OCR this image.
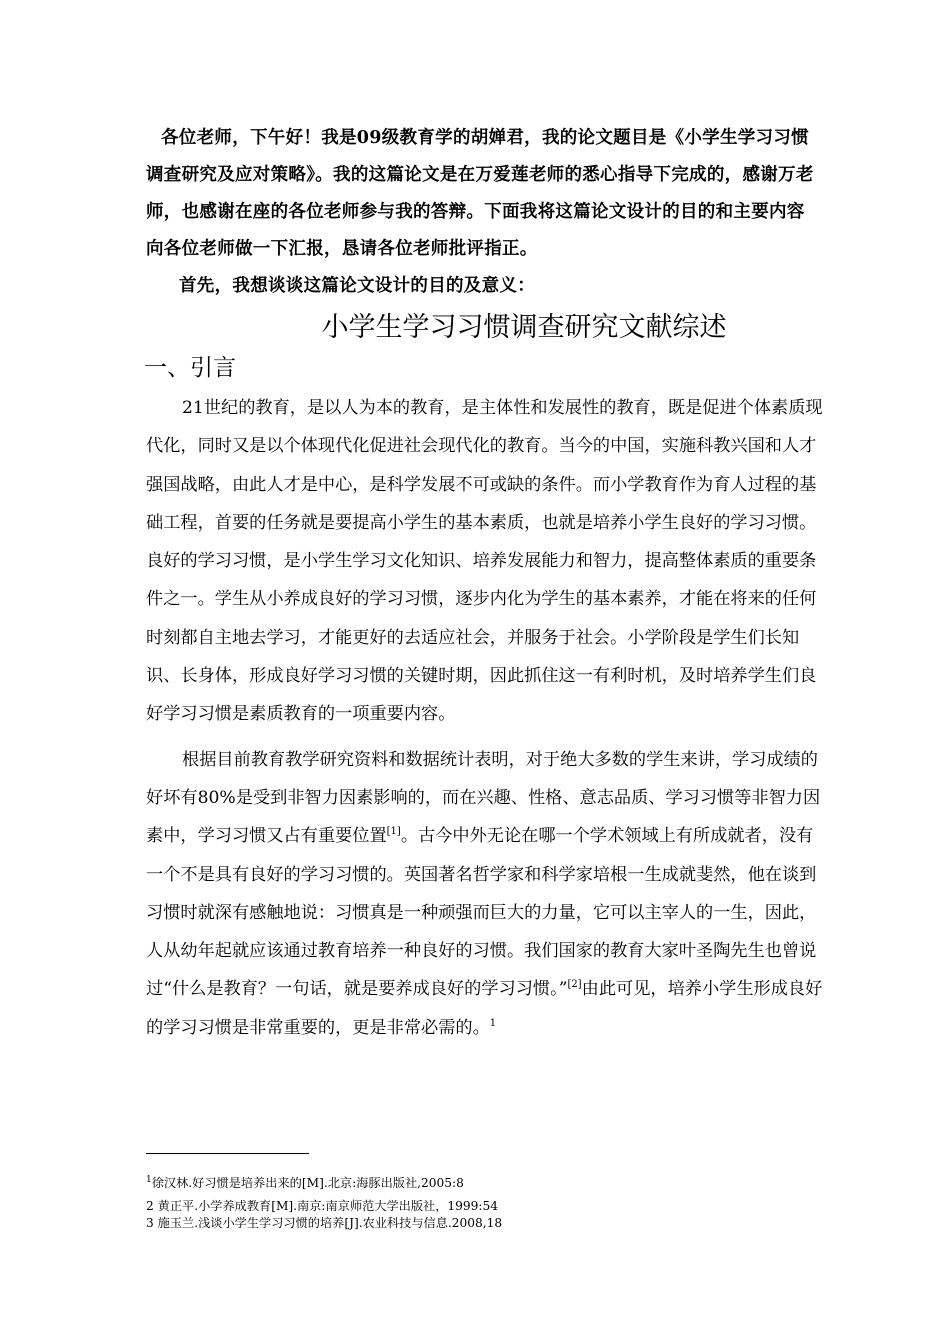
各位老师，下午好！我是09级教育学的胡婵君，我的论文题目是《小学生学习习惯调查研究及应对策略》。我的这篇论文是在万爱莲老师的悉心指导下完成的，感谢万老师，也感谢在座的各位老师参与我的答辩。下面我将这篇论文设计的目的和主要内容向各位老师做一下汇报，恳请各位老师批评指正。

首先，我想谈谈这篇论文设计的目的及意义：

小学生学习习惯调查研究文献综述
一、引言

21世纪的教育，是以人为本的教育，是主体性和发展性的教育，既是促进个体素质现代化，同时又是以个体现代化促进社会现代化的教育。当今的中国，实施科教兴国和人才强国战略，由此人才是中心，是科学发展不可或缺的条件。而小学教育作为育人过程的基础工程，首要的任务就是要提高小学生的基本素质，也就是培养小学生良好的学习习惯。良好的学习习惯，是小学生学习文化知识、培养发展能力和智力，提高整体素质的重要条件之一。学生从小养成良好的学习习惯，逐步内化为学生的基本素养，才能在将来的任何时刻都自主地去学习，才能更好的去适应社会，并服务于社会。小学阶段是学生们长知识、长身体，形成良好学习习惯的关键时期，因此抓住这一有利时机，及时培养学生们良好学习习惯是素质教育的一项重要内容。

根据目前教育教学研究资料和数据统计表明，对于绝大多数的学生来讲，学习成绩的好坏有80%是受到非智力因素影响的，而在兴趣、性格、意志品质、学习习惯等非智力因素中，学习习惯又占有重要位置[1]。古今中外无论在哪一个学术领域上有所成就者，没有一个不是具有良好的学习习惯的。英国著名哲学家和科学家培根一生成就斐然，他在谈到习惯时就深有感触地说：习惯真是一种顽强而巨大的力量，它可以主宰人的一生，因此，人从幼年起就应该通过教育培养一种良好的习惯。我们国家的教育大家叶圣陶先生也曾说过“什么是教育？一句话，就是要养成良好的学习习惯。”[2]由此可见，培养小学生形成良好的学习习惯是非常重要的，更是非常必需的。$^1$

$^1$徐汉林.好习惯是培养出来的[M].北京:海豚出版社,2005:8
2 黄正平.小学养成教育[M].南京:南京师范大学出版社，1999:54
3 施玉兰.浅谈小学生学习习惯的培养[J].农业科技与信息.2008,18
